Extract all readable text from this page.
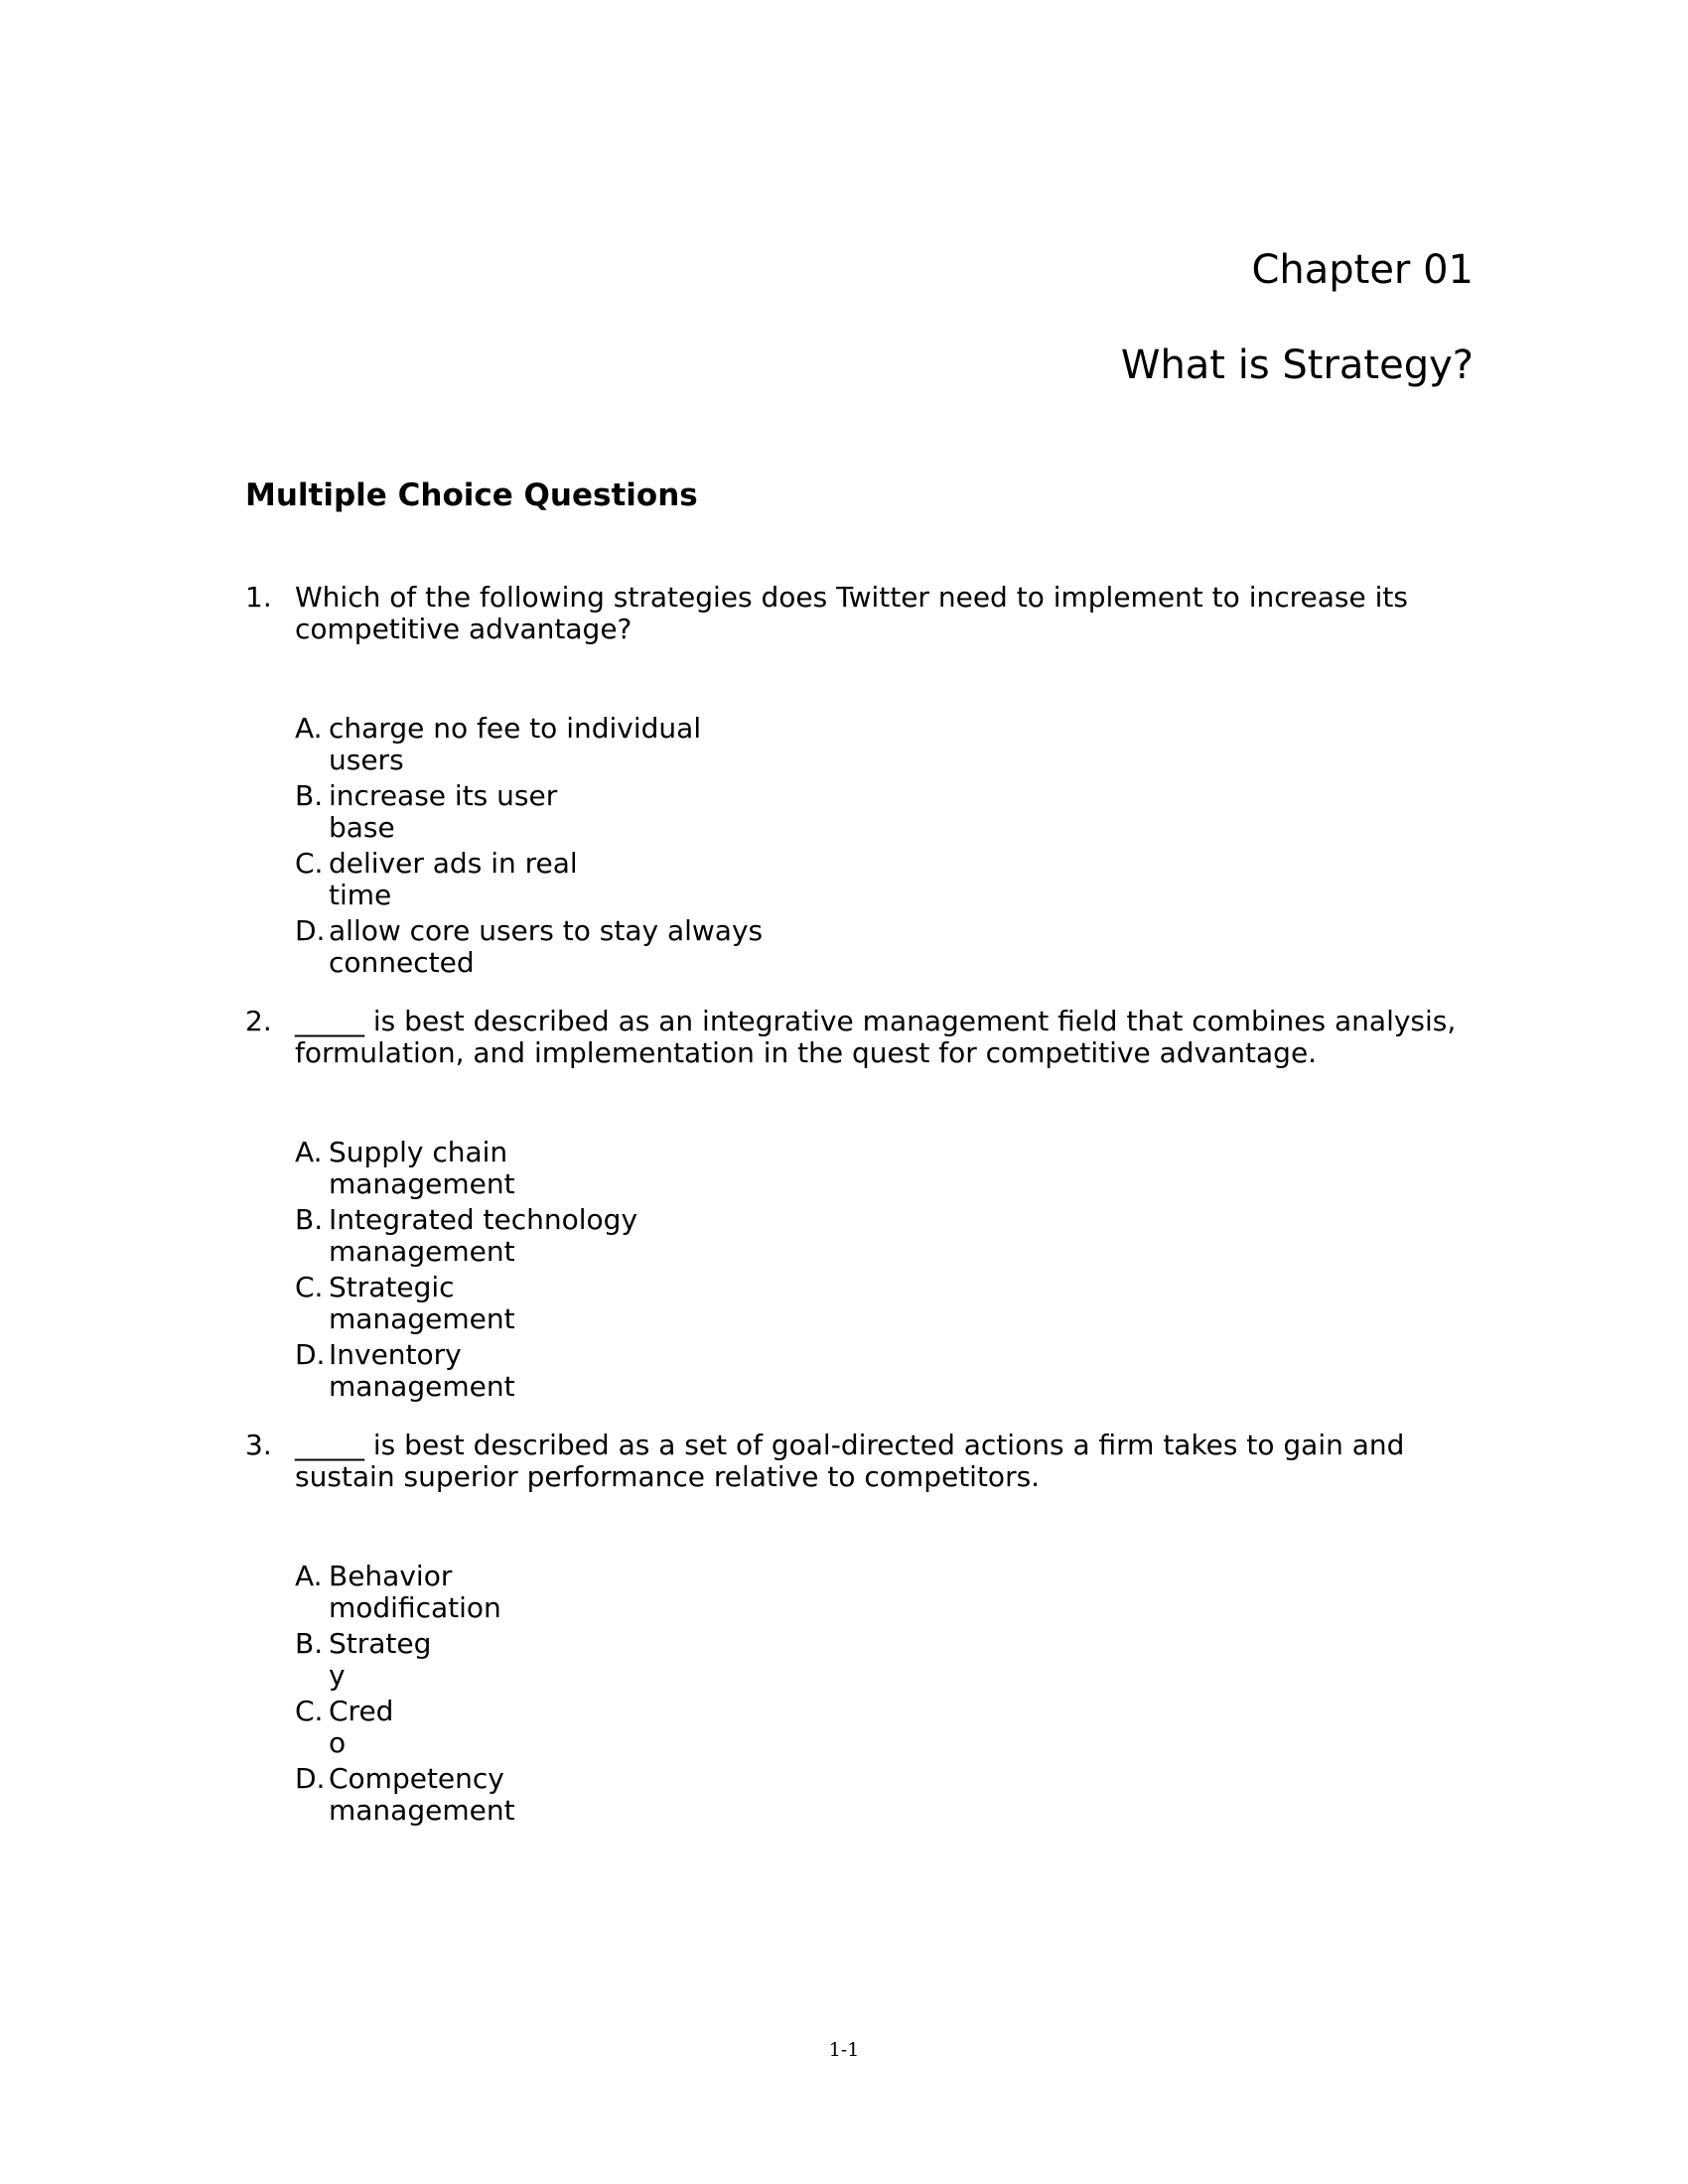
Chapter 01
What is Strategy?
Multiple Choice Questions
1. Which of the following strategies does Twitter need to implement to increase its competitive advantage?
A. charge no fee to individual
users
B. increase its user
base
C. deliver ads in real
time
D. allow core users to stay always
connected
2. _____ is best described as an integrative management field that combines analysis, formulation, and implementation in the quest for competitive advantage.
A. Supply chain
management
B. Integrated technology
management
C. Strategic
management
D. Inventory
management
3. _____ is best described as a set of goal-directed actions a firm takes to gain and sustain superior performance relative to competitors.
A. Behavior
modification
B. Strateg
y
C. Cred
o
D. Competency
management
1-1
